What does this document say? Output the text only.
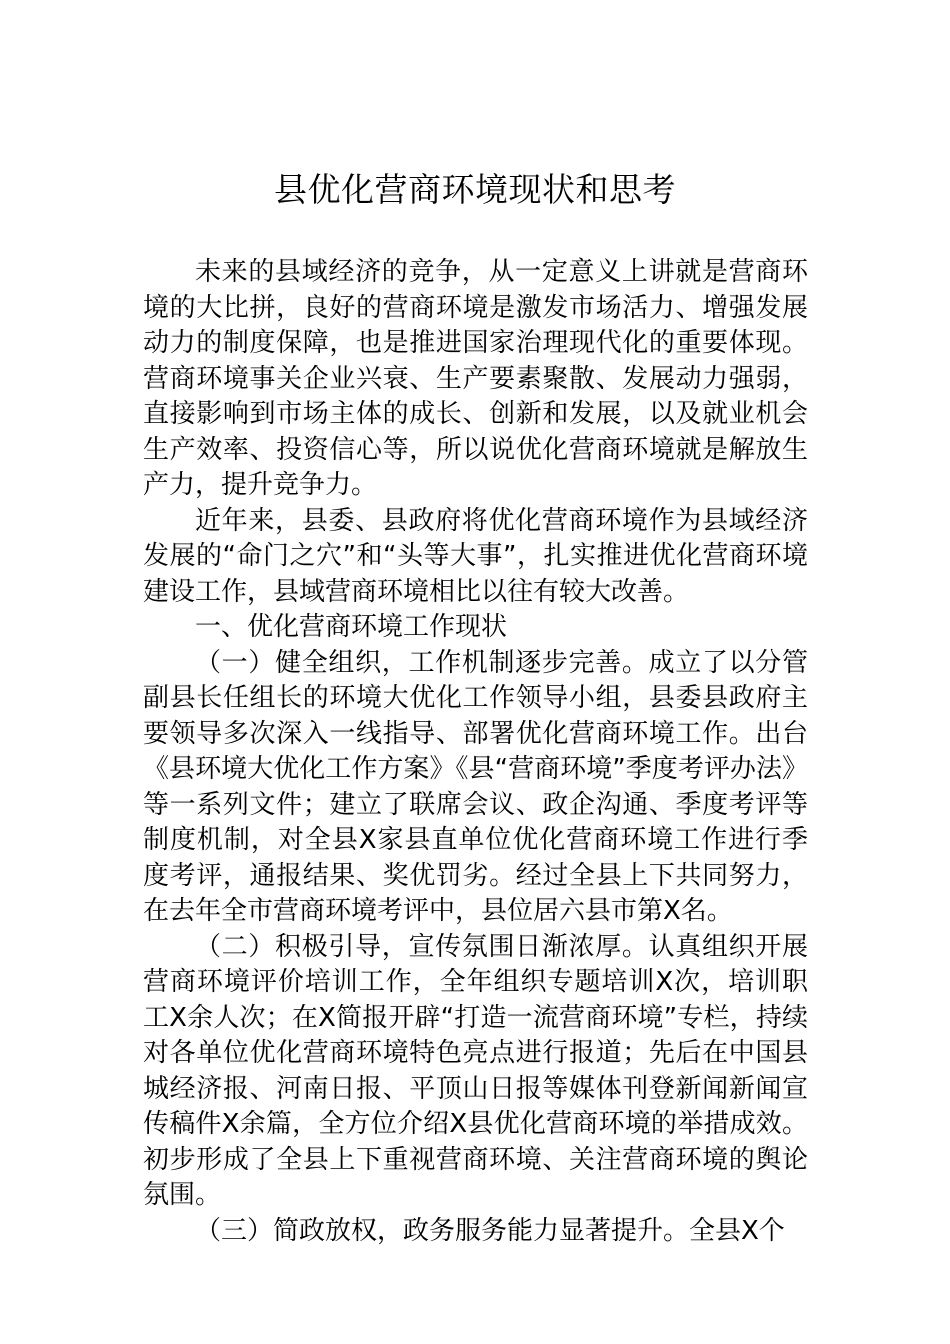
县优化营商环境现状和思考

未来的县域经济的竞争，从一定意义上讲就是营商环境的大比拼，良好的营商环境是激发市场活力、增强发展动力的制度保障，也是推进国家治理现代化的重要体现。营商环境事关企业兴衰、生产要素聚散、发展动力强弱，直接影响到市场主体的成长、创新和发展，以及就业机会生产效率、投资信心等，所以说优化营商环境就是解放生产力，提升竞争力。

近年来，县委、县政府将优化营商环境作为县域经济发展的“命门之穴”和“头等大事”，扎实推进优化营商环境建设工作，县域营商环境相比以往有较大改善。

一、优化营商环境工作现状

（一）健全组织，工作机制逐步完善。成立了以分管副县长任组长的环境大优化工作领导小组，县委县政府主要领导多次深入一线指导、部署优化营商环境工作。出台《县环境大优化工作方案》《县“营商环境”季度考评办法》等一系列文件；建立了联席会议、政企沟通、季度考评等制度机制，对全县X家县直单位优化营商环境工作进行季度考评，通报结果、奖优罚劣。经过全县上下共同努力，在去年全市营商环境考评中，县位居六县市第X名。

（二）积极引导，宣传氛围日渐浓厚。认真组织开展营商环境评价培训工作，全年组织专题培训X次，培训职工X余人次；在X简报开辟“打造一流营商环境”专栏，持续对各单位优化营商环境特色亮点进行报道；先后在中国县城经济报、河南日报、平顶山日报等媒体刊登新闻新闻宣传稿件X余篇，全方位介绍X县优化营商环境的举措成效。初步形成了全县上下重视营商环境、关注营商环境的舆论氛围。

（三）简政放权，政务服务能力显著提升。全县X个
